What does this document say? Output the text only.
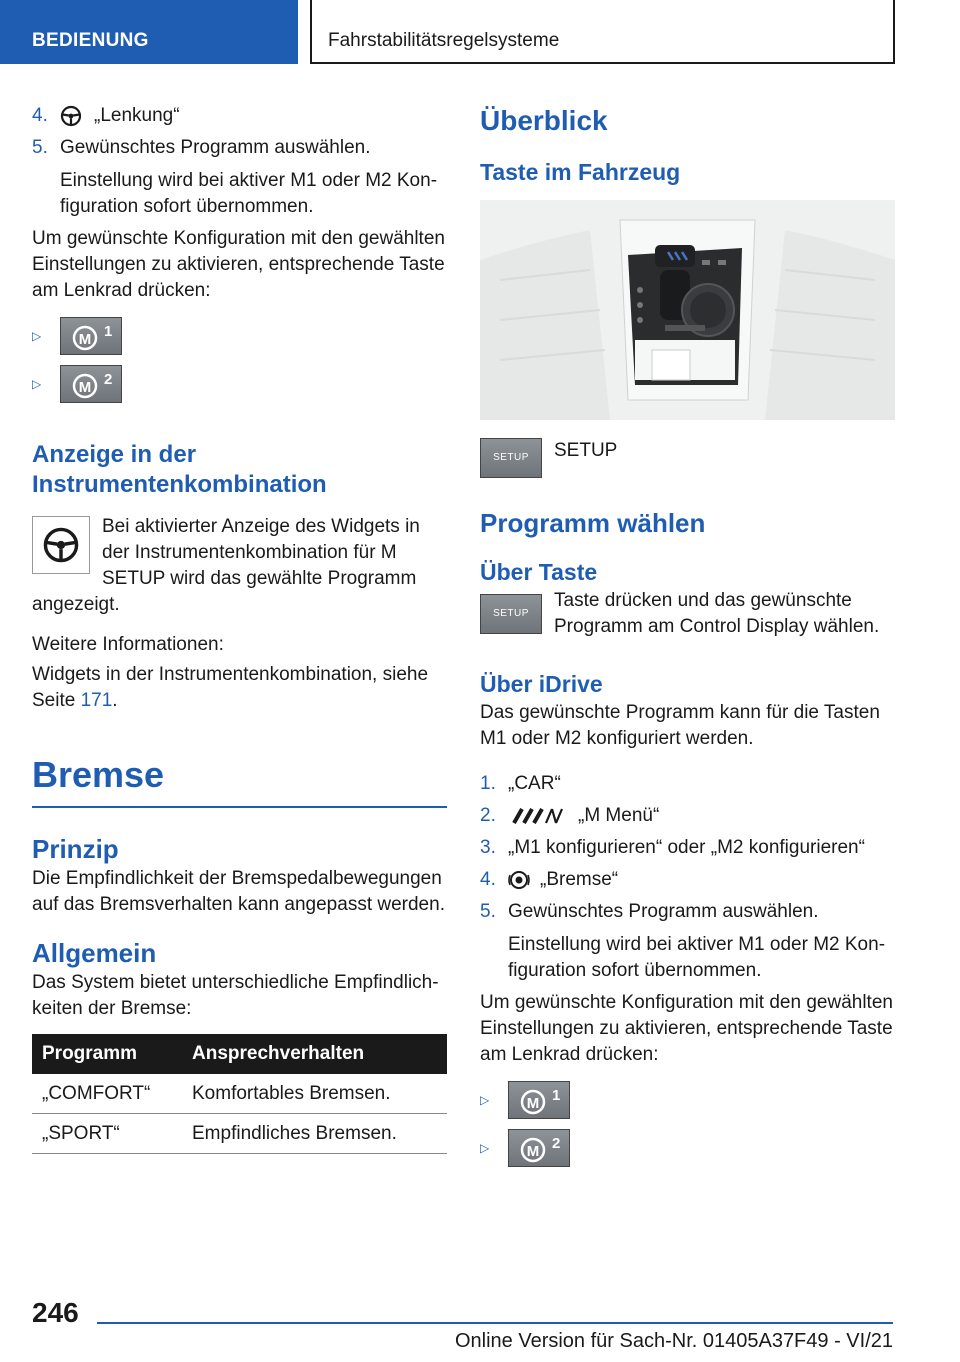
BEDIENUNG	Fahrstabilitätsregelsysteme
4.	„Lenkung“
5. Gewünschtes Programm auswählen.

Einstellung wird bei aktiver M1 oder M2 Konfiguration sofort übernommen.

Um gewünschte Konfiguration mit den gewählten Einstellungen zu aktivieren, entsprechende Taste am Lenkrad drücken:

▷	M 1
▷	M 2

Anzeige in der Instrumentenkombination

Bei aktivierter Anzeige des Widgets in der Instrumentenkombination für M SETUP wird das gewählte Programm angezeigt.

Weitere Informationen:

Widgets in der Instrumentenkombination, siehe Seite 171.

Bremse

Prinzip

Die Empfindlichkeit der Bremspedalbewegungen auf das Bremsverhalten kann angepasst werden.

Allgemein

Das System bietet unterschiedliche Empfindlichkeiten der Bremse:

Programm	Ansprechverhalten
„COMFORT“	Komfortables Bremsen.
„SPORT“	Empfindliches Bremsen.

Überblick

Taste im Fahrzeug

SETUP SETUP

Programm wählen

Über Taste

SETUP

Taste drücken und das gewünschte Programm am Control Display wählen.

Über iDrive

Das gewünschte Programm kann für die Tasten M1 oder M2 konfiguriert werden.

1. „CAR“
2.	„M Menü“
3. „M1 konfigurieren“ oder „M2 konfigurieren“
4.	„Bremse“
5. Gewünschtes Programm auswählen.

Einstellung wird bei aktiver M1 oder M2 Konfiguration sofort übernommen.

Um gewünschte Konfiguration mit den gewählten Einstellungen zu aktivieren, entsprechende Taste am Lenkrad drücken:

▷	M 1
▷	M 2
246
Online Version für Sach-Nr. 01405A37F49 - VI/21
